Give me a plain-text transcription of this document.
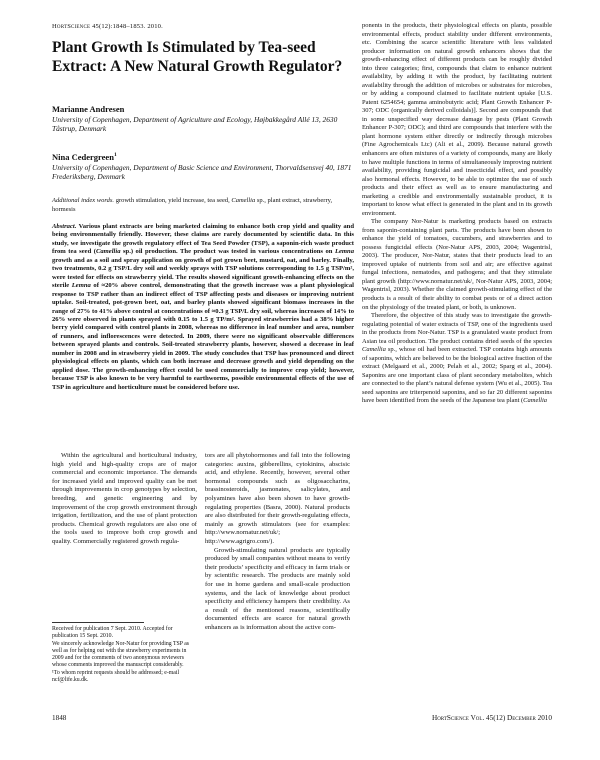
HortScience 45(12):1848–1853. 2010.
Plant Growth Is Stimulated by Tea-seed Extract: A New Natural Growth Regulator?
Marianne Andresen
University of Copenhagen, Department of Agriculture and Ecology, Højbakkegård Allé 13, 2630 Tåstrup, Denmark
Nina Cedergreen$^1$
University of Copenhagen, Department of Basic Science and Environment, Thorvaldsensvej 40, 1871 Frederiksberg, Denmark
Additional index words. growth stimulation, yield increase, tea seed, Camellia sp., plant extract, strawberry, hormesis
Abstract. Various plant extracts are being marketed claiming to enhance both crop yield and quality and being environmentally friendly. However, these claims are rarely documented by scientific data. In this study, we investigate the growth regulatory effect of Tea Seed Powder (TSP), a saponin-rich waste product from tea seed (Camellia sp.) oil production. The product was tested in various concentrations on Lemna growth and as a soil and spray application on growth of pot grown beet, mustard, oat, and barley. Finally, two treatments, 0.2 g TSP/L dry soil and weekly sprays with TSP solutions corresponding to 1.5 g TSP/m², were tested for effects on strawberry yield. The results showed significant growth-enhancing effects on the sterile Lemna of ≈20% above control, demonstrating that the growth increase was a plant physiological response to TSP rather than an indirect effect of TSP affecting pests and diseases or improving nutrient uptake. Soil-treated, pot-grown beet, oat, and barley plants showed significant biomass increases in the range of 27% to 41% above control at concentrations of ≈0.3 g TSP/L dry soil, whereas increases of 14% to 26% were observed in plants sprayed with 0.15 to 1.5 g TP/m². Sprayed strawberries had a 38% higher berry yield compared with control plants in 2008, whereas no difference in leaf number and area, number of runners, and inflorescences were detected. In 2009, there were no significant observable differences between sprayed plants and controls. Soil-treated strawberry plants, however, showed a decrease in leaf number in 2008 and in strawberry yield in 2009. The study concludes that TSP has pronounced and direct physiological effects on plants, which can both increase and decrease growth and yield depending on the applied dose. The growth-enhancing effect could be used commercially to improve crop yield; however, because TSP is also known to be very harmful to earthworms, possible environmental effects of the use of TSP in agriculture and horticulture must be considered before use.

Within the agricultural and horticultural industry, high yield and high-quality crops are of major commercial and economic importance. The demands for increased yield and improved quality can be met through improvements in crop genotypes by selection, breeding, and genetic engineering and by improvement of the crop growth environment through irrigation, fertilization, and the use of plant protection products. Chemical growth regulators are also one of the tools used to improve both crop growth and quality. Commercially registered growth regula-

Received for publication 7 Sept. 2010. Accepted for publication 15 Sept. 2010.

We sincerely acknowledge Nor-Natur for providing TSP as well as for helping out with the strawberry experiments in 2009 and for the comments of two anonymous reviewers whose comments improved the manuscript considerably.

¹To whom reprint requests should be addressed; e-mail ncf@life.ku.dk.

tors are all phytohormones and fall into the following categories: auxins, gibberellins, cytokinins, abscisic acid, and ethylene. Recently, however, several other hormonal compounds such as oligosaccharins, brassinosteroids, jasmonates, salicylates, and polyamines have also been shown to have growth-regulating properties (Basra, 2000). Natural products are also distributed for their growth-regulating effects, mainly as growth stimulators (see for examples: http://www.nornatur.net/uk/; http://www.agrigro.com/).

Growth-stimulating natural products are typically produced by small companies without means to verify their products’ specificity and efficacy in farm trials or by scientific research. The products are mainly sold for use in home gardens and small-scale production systems, and the lack of knowledge about product specificity and efficiency hampers their credibility. As a result of the mentioned reasons, scientifically documented effects are scarce for natural growth enhancers as is information about the active com-

ponents in the products, their physiological effects on plants, possible environmental effects, product stability under different environments, etc. Combining the scarce scientific literature with less validated producer information on natural growth enhancers shows that the growth-enhancing effect of different products can be roughly divided into three categories; first, compounds that claim to enhance nutrient availability, by adding it with the product, by facilitating nutrient availability through the addition of microbes or substrates for microbes, or by adding a compound claimed to facilitate nutrient uptake [U.S. Patent 6254654; gamma aminobutyric acid; Plant Growth Enhancer P-307; ODC (organically derived colloidals)]. Second are compounds that in some unspecified way decrease damage by pests (Plant Growth Enhancer P-307; ODC); and third are compounds that interfere with the plant hormone system either directly or indirectly through microbes (Fine Agrochemicals Ltc) (Ali et al., 2009). Because natural growth enhancers are often mixtures of a variety of compounds, many are likely to have multiple functions in terms of simultaneously improving nutrient availability, providing fungicidal and insecticidal effect, and possibly also hormonal effects. However, to be able to optimize the use of such products and their effect as well as to ensure manufacturing and marketing a credible and environmentally sustainable product, it is important to know what effect is generated in the plant and in its growth environment.

The company Nor-Natur is marketing products based on extracts from saponin-containing plant parts. The products have been shown to enhance the yield of tomatoes, cucumbers, and strawberries and to possess fungicidal effects (Nor-Natur APS, 2003, 2004; Wagentrisl, 2003). The producer, Nor-Natur, states that their products lead to an improved uptake of nutrients from soil and air; are effective against fungal infections, nematodes, and pathogens; and that they stimulate plant growth (http://www.nornatur.net/uk/, Nor-Natur APS, 2003, 2004; Wagentrisl, 2003). Whether the claimed growth-stimulating effect of the products is a result of their ability to combat pests or of a direct action on the physiology of the treated plant, or both, is unknown.

Therefore, the objective of this study was to investigate the growth-regulating potential of water extracts of TSP, one of the ingredients used in the products from Nor-Natur. TSP is a granulated waste product from Asian tea oil production. The product contains dried seeds of the species Camellia sp., whose oil had been extracted. TSP contains high amounts of saponins, which are believed to be the biological active fraction of the extract (Melgaard et al., 2000; Pelah et al., 2002; Sparg et al., 2004). Saponins are one important class of plant secondary metabolites, which are connected to the plant’s natural defense system (Wu et al., 2005). Tea seed saponins are triterpenoid saponins, and so far 20 different saponins have been identified from the seeds of the Japanese tea plant (Camellia

1848	HortScience Vol. 45(12) December 2010
